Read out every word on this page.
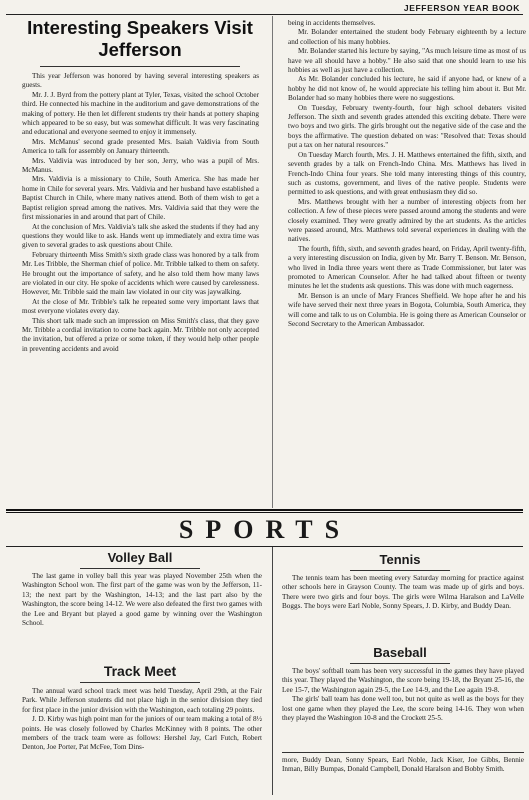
JEFFERSON YEAR BOOK
Interesting Speakers Visit
Jefferson

This year Jefferson was honored by having several interesting speakers as guests.

Mr. J. J. Byrd from the pottery plant at Tyler, Texas, visited the school October third. He connected his machine in the auditorium and gave demonstrations of the making of pottery. He then let different students try their hands at pottery shaping which appeared to be so easy, but was somewhat difficult. It was very fascinating and educational and everyone seemed to enjoy it immensely.

Mrs. McManus' second grade presented Mrs. Isaiah Valdivia from South America to talk for assembly on January thirteenth.

Mrs. Valdivia was introduced by her son, Jerry, who was a pupil of Mrs. McManus.

Mrs. Valdivia is a missionary to Chile, South America. She has made her home in Chile for several years. Mrs. Valdivia and her husband have established a Baptist Church in Chile, where many natives attend. Both of them wish to get a Baptist religion spread among the natives. Mrs. Valdivia said that they were the first missionaries in and around that part of Chile.

At the conclusion of Mrs. Valdivia's talk she asked the students if they had any questions they would like to ask. Hands went up immediately and extra time was given to several grades to ask questions about Chile.

February thirteenth Miss Smith's sixth grade class was honored by a talk from Mr. Les Tribble, the Sherman chief of police. Mr. Tribble talked to them on safety. He brought out the importance of safety, and he also told them how many laws are violated in our city. He spoke of accidents which were caused by carelessness. However, Mr. Tribble said the main law violated in our city was jaywalking.

At the close of Mr. Tribble's talk he repeated some very important laws that most everyone violates every day.

This short talk made such an impression on Miss Smith's class, that they gave Mr. Tribble a cordial invitation to come back again. Mr. Tribble not only accepted the invitation, but offered a prize or some token, if they would help other people in preventing accidents and avoid

being in accidents themselves.

Mr. Bolander entertained the student body February eighteenth by a lecture and collection of his many hobbies.

Mr. Bolander started his lecture by saying, "As much leisure time as most of us have we all should have a hobby." He also said that one should learn to use his hobbies as well as just have a collection.

As Mr. Bolander concluded his lecture, he said if anyone had, or knew of a hobby he did not know of, he would appreciate his telling him about it. But Mr. Bolander had so many hobbies there were no suggestions.

On Tuesday, February twenty-fourth, four high school debaters visited Jefferson. The sixth and seventh grades attended this exciting debate. There were two boys and two girls. The girls brought out the negative side of the case and the boys the affirmative. The question debated on was: "Resolved that: Texas should put a tax on her natural resources."

On Tuesday March fourth, Mrs. J. H. Matthews entertained the fifth, sixth, and seventh grades by a talk on French-Indo China. Mrs. Matthews has lived in French-Indo China four years. She told many interesting things of this country, such as customs, government, and lives of the native people. Students were permitted to ask questions, and with great enthusiasm they did so.

Mrs. Matthews brought with her a number of interesting objects from her collection. A few of these pieces were passed around among the students and were closely examined. They were greatly admired by the art students. As the articles were passed around, Mrs. Matthews told several experiences in dealing with the natives.

The fourth, fifth, sixth, and seventh grades heard, on Friday, April twenty-fifth, a very interesting discussion on India, given by Mr. Barry T. Benson. Mr. Benson, who lived in India three years went there as Trade Commissioner, but later was promoted to American Counselor. After he had talked about fifteen or twenty minutes he let the students ask questions. This was done with much eagerness.

Mr. Benson is an uncle of Mary Frances Sheffield. We hope after he and his wife have served their next three years in Bogota, Columbia, South America, they will come and talk to us on Columbia. He is going there as American Counselor or Second Secretary to the American Ambassador.

SPORTS
Volley Ball

The last game in volley ball this year was played November 25th when the Washington School won. The first part of the game was won by the Jefferson, 11-13; the next part by the Washington, 14-13; and the last part also by the Washington, the score being 14-12. We were also defeated the first two games with the Lee and Bryant but played a good game by winning over the Washington School.

Track Meet

The annual ward school track meet was held Tuesday, April 29th, at the Fair Park. While Jefferson students did not place high in the senior division they tied for first place in the junior division with the Washington, each totaling 29 points.

J. D. Kirby was high point man for the juniors of our team making a total of 8½ points. He was closely followed by Charles McKinney with 8 points. The other members of the track team were as follows: Hershel Jay, Carl Futch, Robert Denton, Joe Porter, Pat McFee, Tom Dins-

Tennis

The tennis team has been meeting every Saturday morning for practice against other schools here in Grayson County. The team was made up of girls and boys. There were two girls and four boys. The girls were Wilma Haralson and LaVelle Boggs. The boys were Earl Noble, Sonny Spears, J. D. Kirby, and Buddy Dean.

Baseball

The boys' softball team has been very successful in the games they have played this year. They played the Washington, the score being 19-18, the Bryant 25-16, the Lee 15-7, the Washington again 29-5, the Lee 14-9, and the Lee again 19-8.

The girls' ball team has done well too, but not quite as well as the boys for they lost one game when they played the Lee, the score being 14-16. They won when they played the Washington 10-8 and the Crockett 25-5.

more, Buddy Dean, Sonny Spears, Earl Noble, Jack Kiser, Joe Gibbs, Bennie Inman, Billy Bumpas, Donald Campbell, Donald Haralson and Bobby Smith.
